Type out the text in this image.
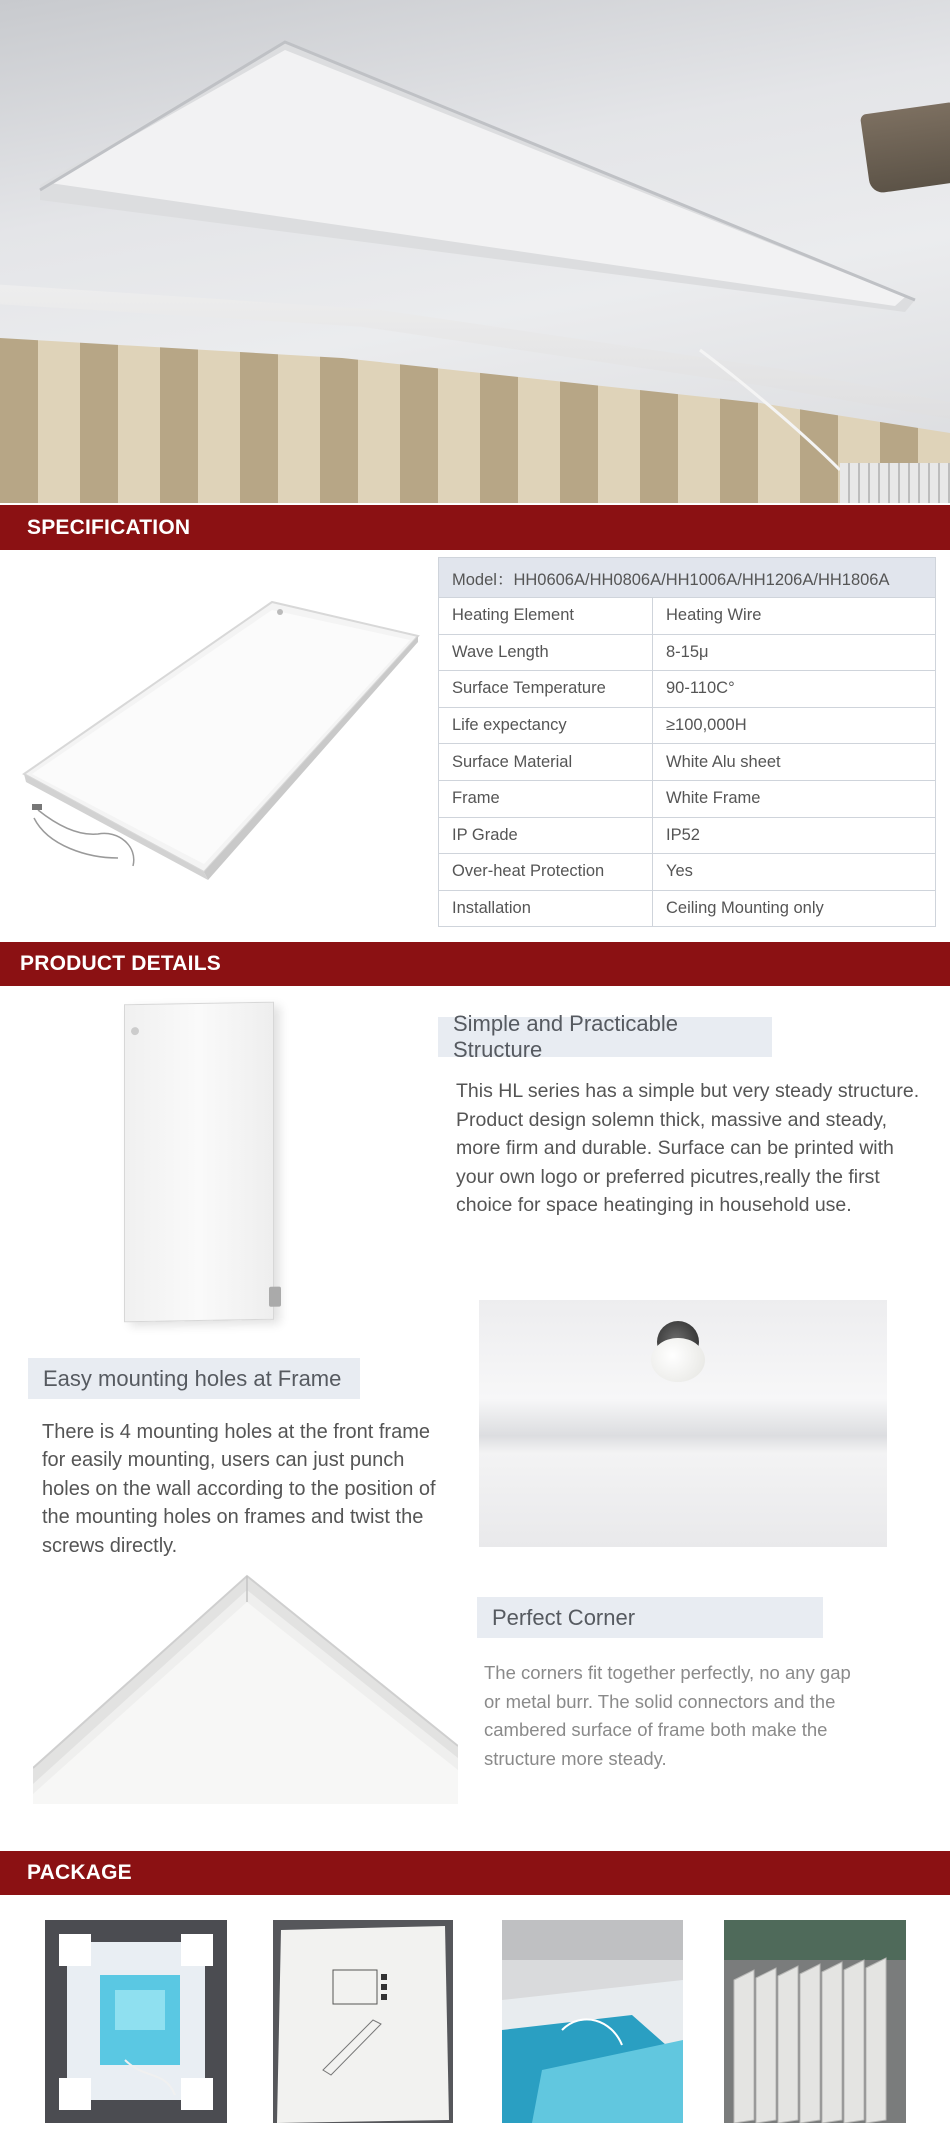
SPECIFICATION
Model：HH0606A/HH0806A/HH1006A/HH1206A/HH1806A	
Heating Element	Heating Wire
Wave Length	8-15μ
Surface Temperature	90-110C°
Life expectancy	≥100,000H
Surface Material	White Alu sheet
Frame	White Frame
IP Grade	IP52
Over-heat Protection	Yes
Installation	Ceiling Mounting only
PRODUCT DETAILS
Simple and Practicable Structure
This HL series has a simple but very steady structure.
Product design solemn thick, massive and steady,
more firm and durable. Surface can be printed with
your own logo or preferred picutres,really the first
choice for space heatinging in household use.
Easy mounting holes at Frame
There is 4 mounting holes at the front frame
for easily mounting, users can just punch
holes on the wall according to the position of
the mounting holes on frames and twist the
screws directly.
Perfect Corner
The corners fit together perfectly, no any gap
or metal burr. The solid connectors and the
cambered surface of frame both make the
structure more steady.
PACKAGE
